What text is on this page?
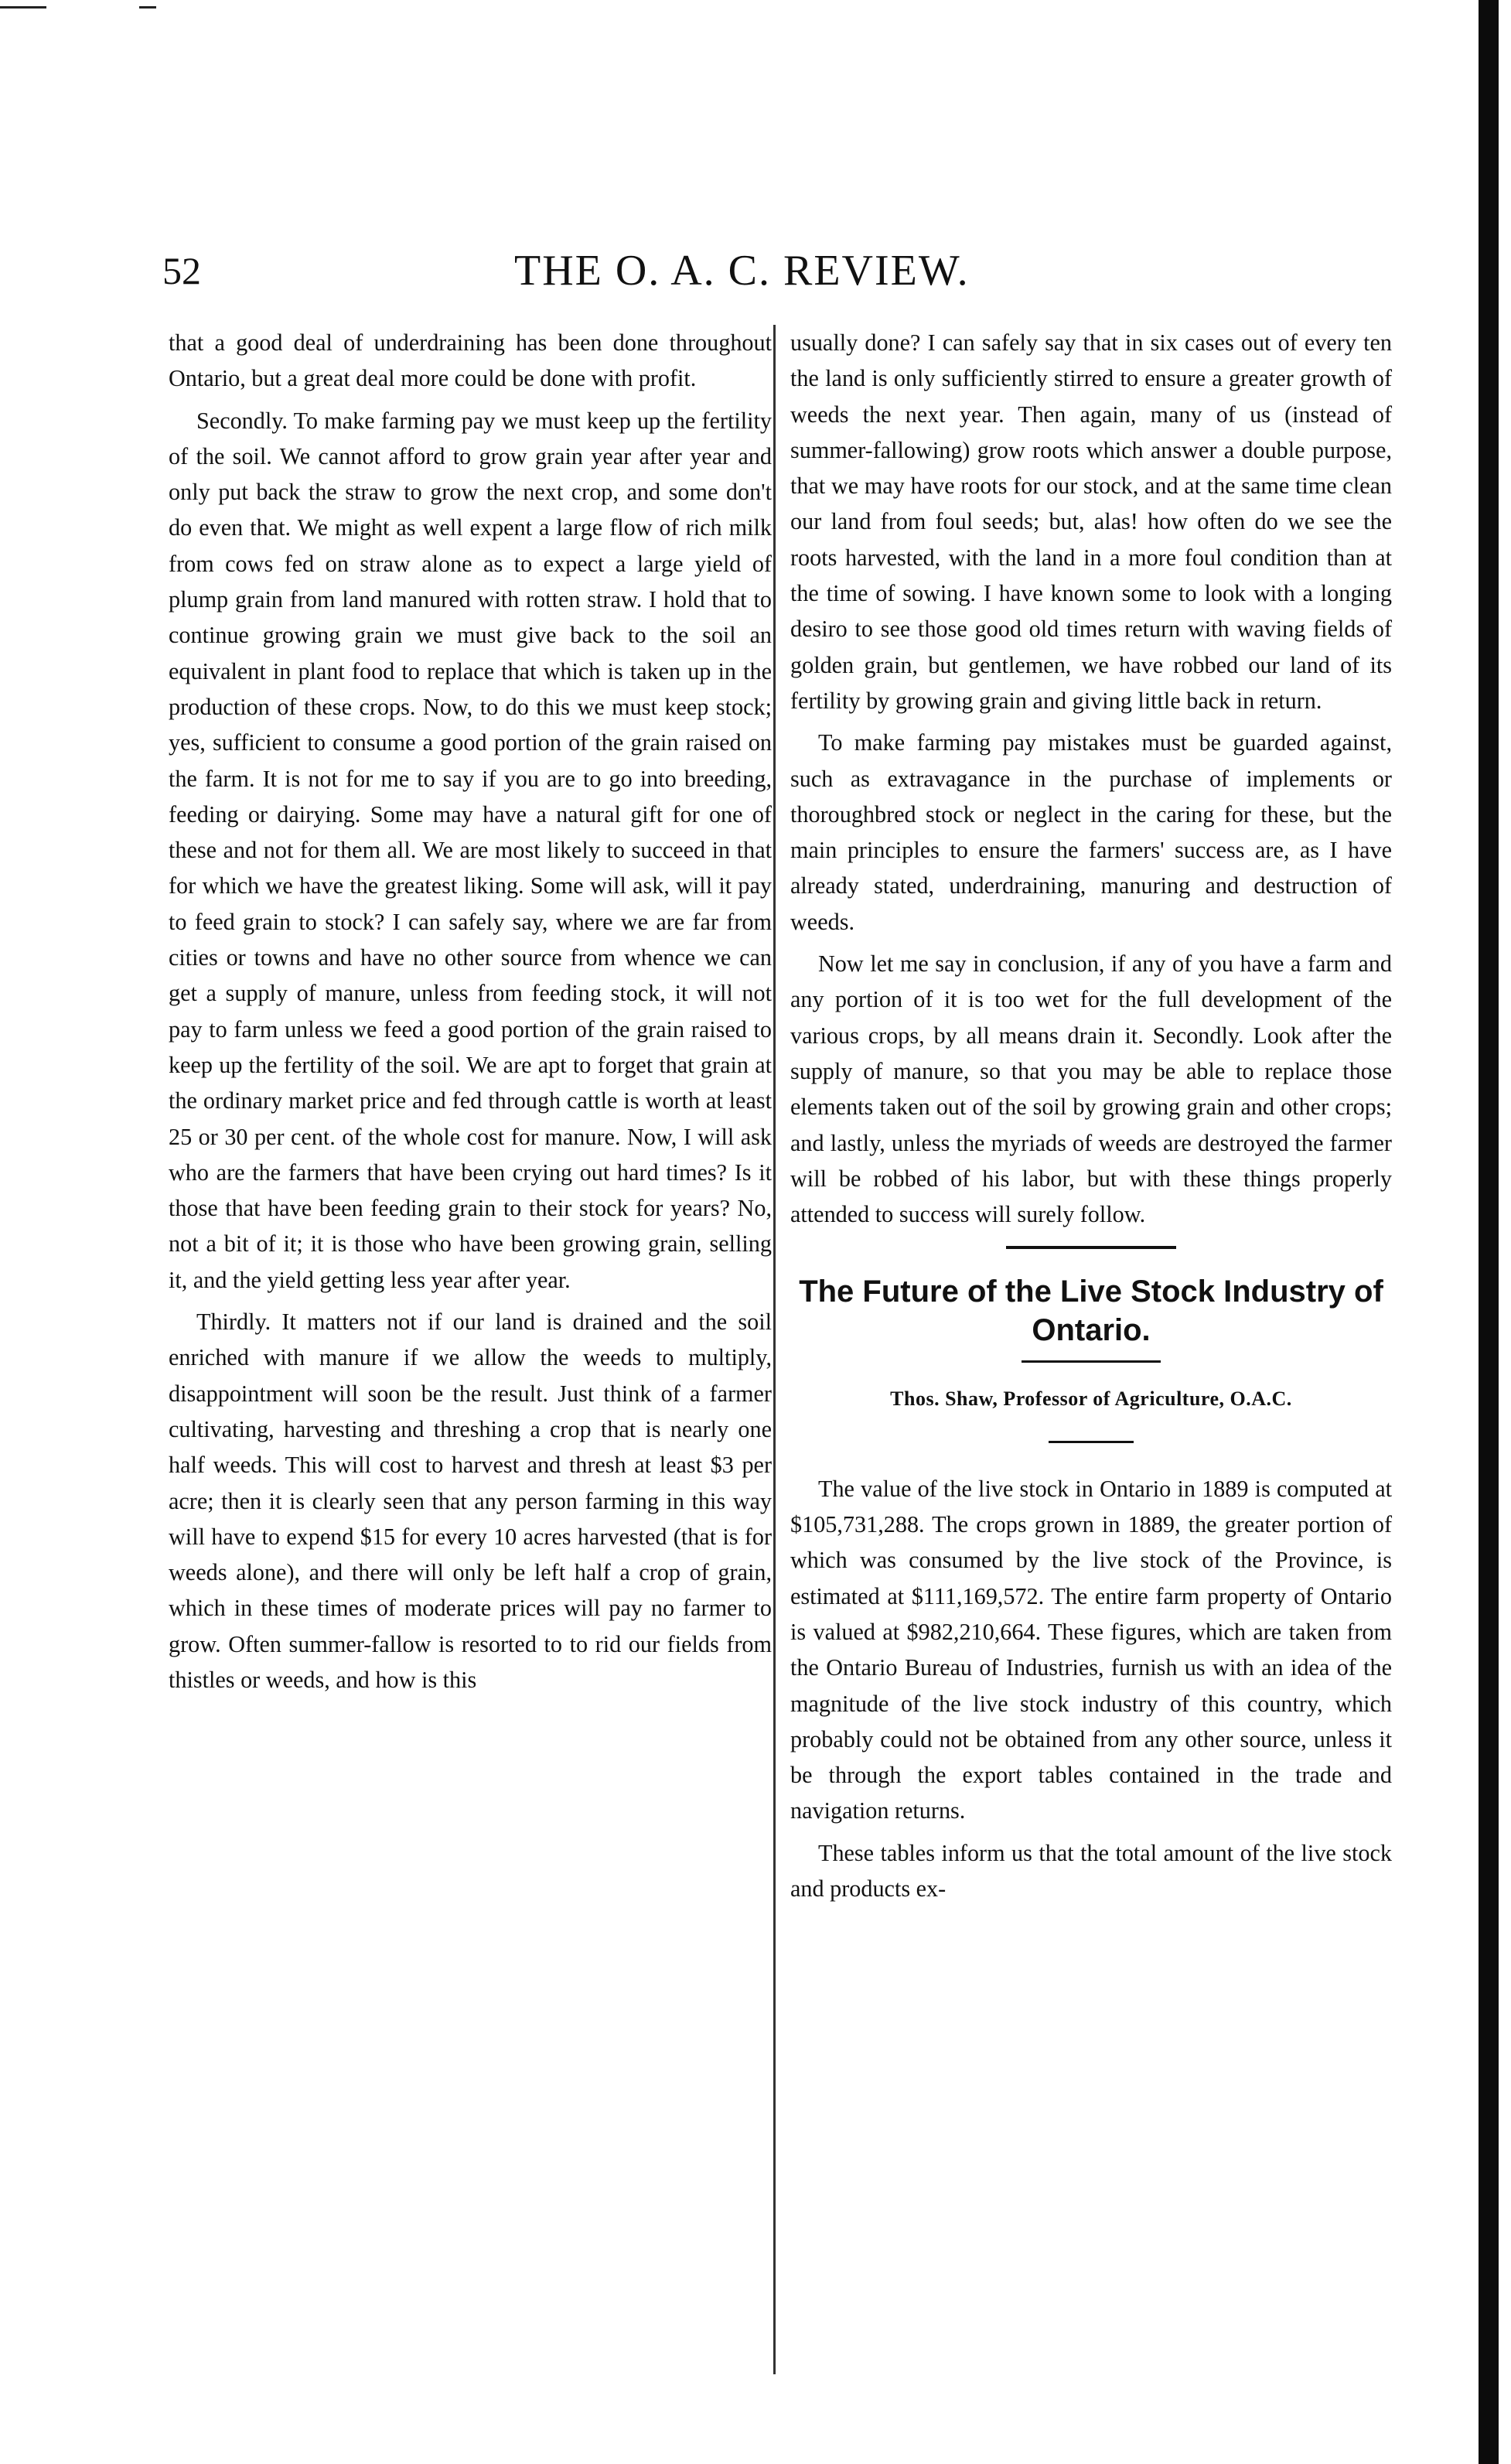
52	THE O. A. C. REVIEW.

that a good deal of underdraining has been done throughout Ontario, but a great deal more could be done with profit.

Secondly. To make farming pay we must keep up the fertility of the soil. We cannot afford to grow grain year after year and only put back the straw to grow the next crop, and some don't do even that. We might as well expent a large flow of rich milk from cows fed on straw alone as to expect a large yield of plump grain from land manured with rotten straw. I hold that to continue growing grain we must give back to the soil an equivalent in plant food to replace that which is taken up in the production of these crops. Now, to do this we must keep stock; yes, sufficient to consume a good portion of the grain raised on the farm. It is not for me to say if you are to go into breeding, feeding or dairying. Some may have a natural gift for one of these and not for them all. We are most likely to succeed in that for which we have the greatest liking. Some will ask, will it pay to feed grain to stock? I can safely say, where we are far from cities or towns and have no other source from whence we can get a supply of manure, unless from feeding stock, it will not pay to farm unless we feed a good portion of the grain raised to keep up the fertility of the soil. We are apt to forget that grain at the ordinary market price and fed through cattle is worth at least 25 or 30 per cent. of the whole cost for manure. Now, I will ask who are the farmers that have been crying out hard times? Is it those that have been feeding grain to their stock for years? No, not a bit of it; it is those who have been growing grain, selling it, and the yield getting less year after year.

Thirdly. It matters not if our land is drained and the soil enriched with manure if we allow the weeds to multiply, disappointment will soon be the result. Just think of a farmer cultivating, harvesting and threshing a crop that is nearly one half weeds. This will cost to harvest and thresh at least $3 per acre; then it is clearly seen that any person farming in this way will have to expend $15 for every 10 acres harvested (that is for weeds alone), and there will only be left half a crop of grain, which in these times of moderate prices will pay no farmer to grow. Often summer-fallow is resorted to to rid our fields from thistles or weeds, and how is this

usually done? I can safely say that in six cases out of every ten the land is only sufficiently stirred to ensure a greater growth of weeds the next year. Then again, many of us (instead of summer-fallowing) grow roots which answer a double purpose, that we may have roots for our stock, and at the same time clean our land from foul seeds; but, alas! how often do we see the roots harvested, with the land in a more foul condition than at the time of sowing. I have known some to look with a longing desiro to see those good old times return with waving fields of golden grain, but gentlemen, we have robbed our land of its fertility by growing grain and giving little back in return.

To make farming pay mistakes must be guarded against, such as extravagance in the purchase of implements or thoroughbred stock or neglect in the caring for these, but the main principles to ensure the farmers' success are, as I have already stated, underdraining, manuring and destruction of weeds.

Now let me say in conclusion, if any of you have a farm and any portion of it is too wet for the full development of the various crops, by all means drain it. Secondly. Look after the supply of manure, so that you may be able to replace those elements taken out of the soil by growing grain and other crops; and lastly, unless the myriads of weeds are destroyed the farmer will be robbed of his labor, but with these things properly attended to success will surely follow.

The Future of the Live Stock Industry of Ontario.
Thos. Shaw, Professor of Agriculture, O.A.C.

The value of the live stock in Ontario in 1889 is computed at $105,731,288. The crops grown in 1889, the greater portion of which was consumed by the live stock of the Province, is estimated at $111,169,572. The entire farm property of Ontario is valued at $982,210,664. These figures, which are taken from the Ontario Bureau of Industries, furnish us with an idea of the magnitude of the live stock industry of this country, which probably could not be obtained from any other source, unless it be through the export tables contained in the trade and navigation returns.

These tables inform us that the total amount of the live stock and products ex-
